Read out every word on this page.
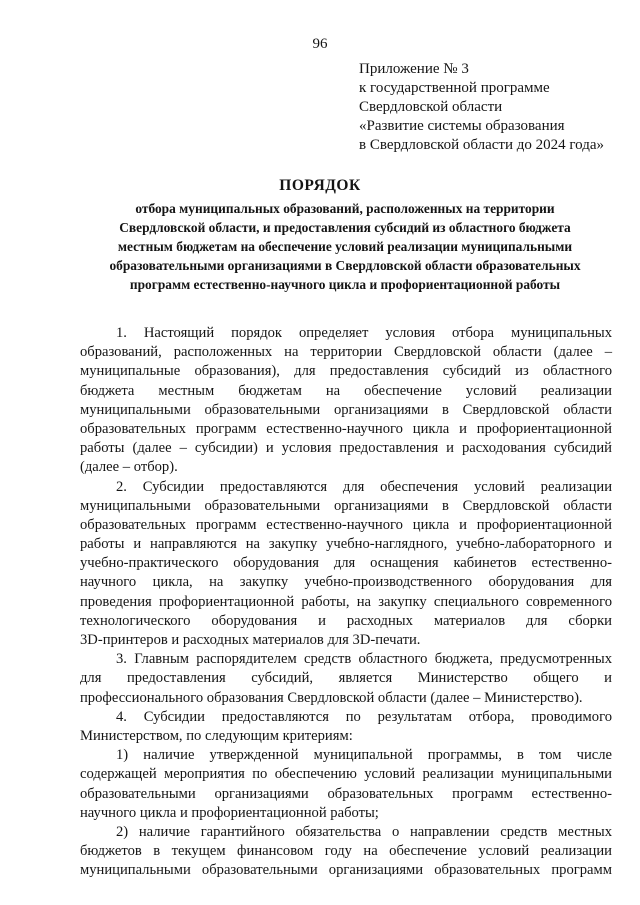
96
Приложение № 3
к государственной программе
Свердловской области
«Развитие системы образования
в Свердловской области до 2024 года»
ПОРЯДОК
отбора муниципальных образований, расположенных на территории
Свердловской области, и предоставления субсидий из областного бюджета
местным бюджетам на обеспечение условий реализации муниципальными
образовательными организациями в Свердловской области образовательных
программ естественно-научного цикла и профориентационной работы
1. Настоящий порядок определяет условия отбора муниципальных
образований, расположенных на территории Свердловской области (далее –
муниципальные образования), для предоставления субсидий из областного
бюджета местным бюджетам на обеспечение условий реализации
муниципальными образовательными организациями в Свердловской области
образовательных программ естественно-научного цикла и профориентационной
работы (далее – субсидии) и условия предоставления и расходования субсидий
(далее – отбор).
2. Субсидии предоставляются для обеспечения условий реализации
муниципальными образовательными организациями в Свердловской области
образовательных программ естественно-научного цикла и профориентационной
работы и направляются на закупку учебно-наглядного, учебно-лабораторного и
учебно-практического оборудования для оснащения кабинетов естественно-
научного цикла, на закупку учебно-производственного оборудования для
проведения профориентационной работы, на закупку специального современного
технологического оборудования и расходных материалов для сборки
3D-принтеров и расходных материалов для 3D-печати.
3. Главным распорядителем средств областного бюджета, предусмотренных
для предоставления субсидий, является Министерство общего и
профессионального образования Свердловской области (далее – Министерство).
4. Субсидии предоставляются по результатам отбора, проводимого
Министерством, по следующим критериям:
1) наличие утвержденной муниципальной программы, в том числе
содержащей мероприятия по обеспечению условий реализации муниципальными
образовательными организациями образовательных программ естественно-
научного цикла и профориентационной работы;
2) наличие гарантийного обязательства о направлении средств местных
бюджетов в текущем финансовом году на обеспечение условий реализации
муниципальными образовательными организациями образовательных программ
